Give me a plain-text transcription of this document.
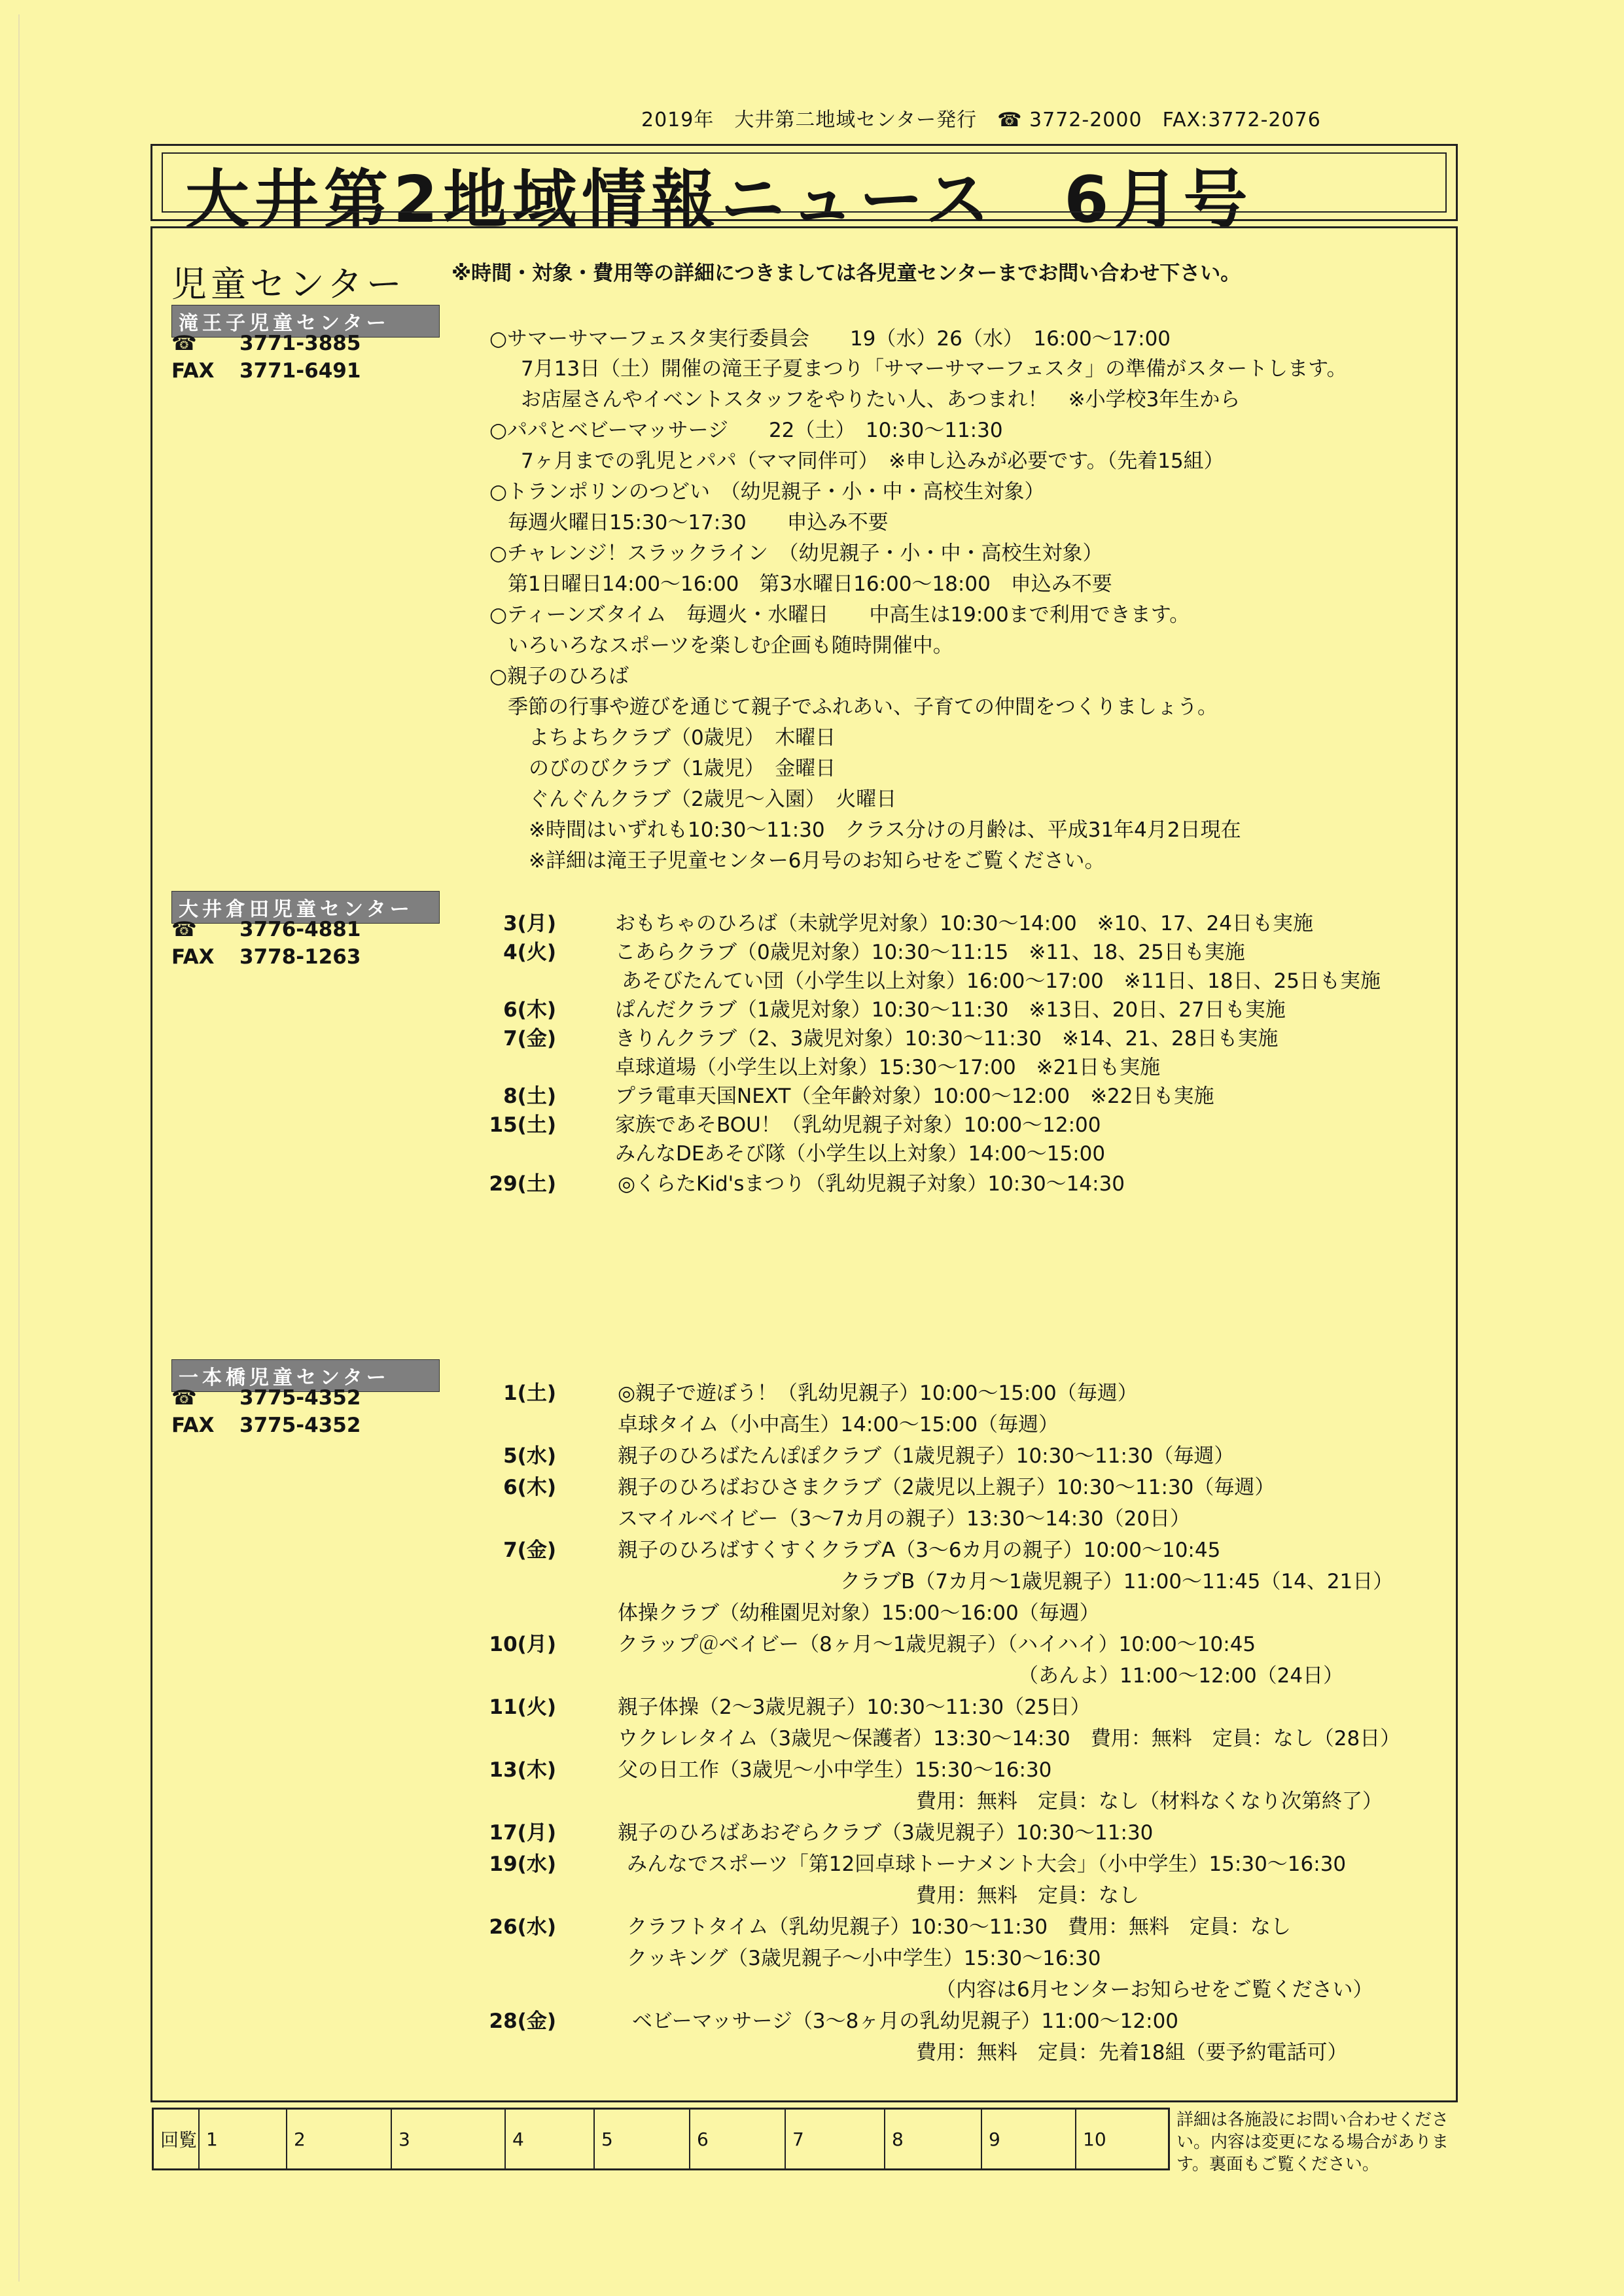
2019年　大井第二地域センター発行　☎ 3772-2000　FAX:3772-2076
大井第2地域情報ニュース　6月号
児童センター ※時間・対象・費用等の詳細につきましては各児童センターまでお問い合わせ下さい。
滝王子児童センター
☎ 3771-3885
FAX 3771-6491
○サマーサマーフェスタ実行委員会　　19（水）26（水）　16:00～17:00
7月13日（土）開催の滝王子夏まつり「サマーサマーフェスタ」の準備がスタートします。
お店屋さんやイベントスタッフをやりたい人、あつまれ！　※小学校3年生から
○パパとベビーマッサージ　　22（土）　10:30～11:30
7ヶ月までの乳児とパパ（ママ同伴可）　※申し込みが必要です。（先着15組）
○トランポリンのつどい　（幼児親子・小・中・高校生対象）
毎週火曜日15:30～17:30　　申込み不要
○チャレンジ！スラックライン　（幼児親子・小・中・高校生対象）
第1日曜日14:00～16:00　第3水曜日16:00～18:00　申込み不要
○ティーンズタイム　毎週火・水曜日　　中高生は19:00まで利用できます。
いろいろなスポーツを楽しむ企画も随時開催中。
○親子のひろば
季節の行事や遊びを通じて親子でふれあい、子育ての仲間をつくりましょう。
よちよちクラブ（0歳児）　木曜日
のびのびクラブ（1歳児）　金曜日
ぐんぐんクラブ（2歳児～入園）　火曜日
※時間はいずれも10:30～11:30　クラス分けの月齢は、平成31年4月2日現在
※詳細は滝王子児童センター6月号のお知らせをご覧ください。
大井倉田児童センター
☎ 3776-4881
FAX 3778-1263
3(月)	おもちゃのひろば（未就学児対象）10:30～14:00　※10、17、24日も実施
4(火)	こあらクラブ（0歳児対象）10:30～11:15　※11、18、25日も実施
あそびたんてい団（小学生以上対象）16:00～17:00　※11日、18日、25日も実施
6(木)	ぱんだクラブ（1歳児対象）10:30～11:30　※13日、20日、27日も実施
7(金)	きりんクラブ（2、3歳児対象）10:30～11:30　※14、21、28日も実施
卓球道場（小学生以上対象）15:30～17:00　※21日も実施
8(土)	プラ電車天国NEXT（全年齢対象）10:00～12:00　※22日も実施
15(土)	家族であそBOU！（乳幼児親子対象）10:00～12:00
みんなDEあそび隊（小学生以上対象）14:00～15:00
29(土)	◎くらたKid'sまつり（乳幼児親子対象）10:30～14:30
一本橋児童センター
☎ 3775-4352
FAX 3775-4352
1(土)	◎親子で遊ぼう！（乳幼児親子）10:00～15:00（毎週）
卓球タイム（小中高生）14:00～15:00（毎週）
5(水)	親子のひろばたんぽぽクラブ（1歳児親子）10:30～11:30（毎週）
6(木)	親子のひろばおひさまクラブ（2歳児以上親子）10:30～11:30（毎週）
スマイルベイビー（3～7カ月の親子）13:30～14:30（20日）
7(金)	親子のひろばすくすくクラブA（3～6カ月の親子）10:00～10:45
クラブB（7カ月～1歳児親子）11:00～11:45（14、21日）
体操クラブ（幼稚園児対象）15:00～16:00（毎週）
10(月)	クラップ＠ベイビー（8ヶ月～1歳児親子）（ハイハイ）10:00～10:45
（あんよ）11:00～12:00（24日）
11(火)	親子体操（2～3歳児親子）10:30～11:30（25日）
ウクレレタイム（3歳児～保護者）13:30～14:30　費用：無料　定員：なし（28日）
13(木)	父の日工作（3歳児～小中学生）15:30～16:30
費用：無料　定員：なし（材料なくなり次第終了）
17(月)	親子のひろばあおぞらクラブ（3歳児親子）10:30～11:30
19(水)	みんなでスポーツ「第12回卓球トーナメント大会」（小中学生）15:30～16:30
費用：無料　定員：なし
26(水)	クラフトタイム（乳幼児親子）10:30～11:30　費用：無料　定員：なし
クッキング（3歳児親子～小中学生）15:30～16:30
（内容は6月センターお知らせをご覧ください）
28(金)	ベビーマッサージ（3～8ヶ月の乳幼児親子）11:00～12:00
費用：無料　定員：先着18組（要予約電話可）
回覧 1	2	3	4	5	6	7	8	9	10
詳細は各施設にお問い合わせください。内容は変更になる場合があります。裏面もご覧ください。
